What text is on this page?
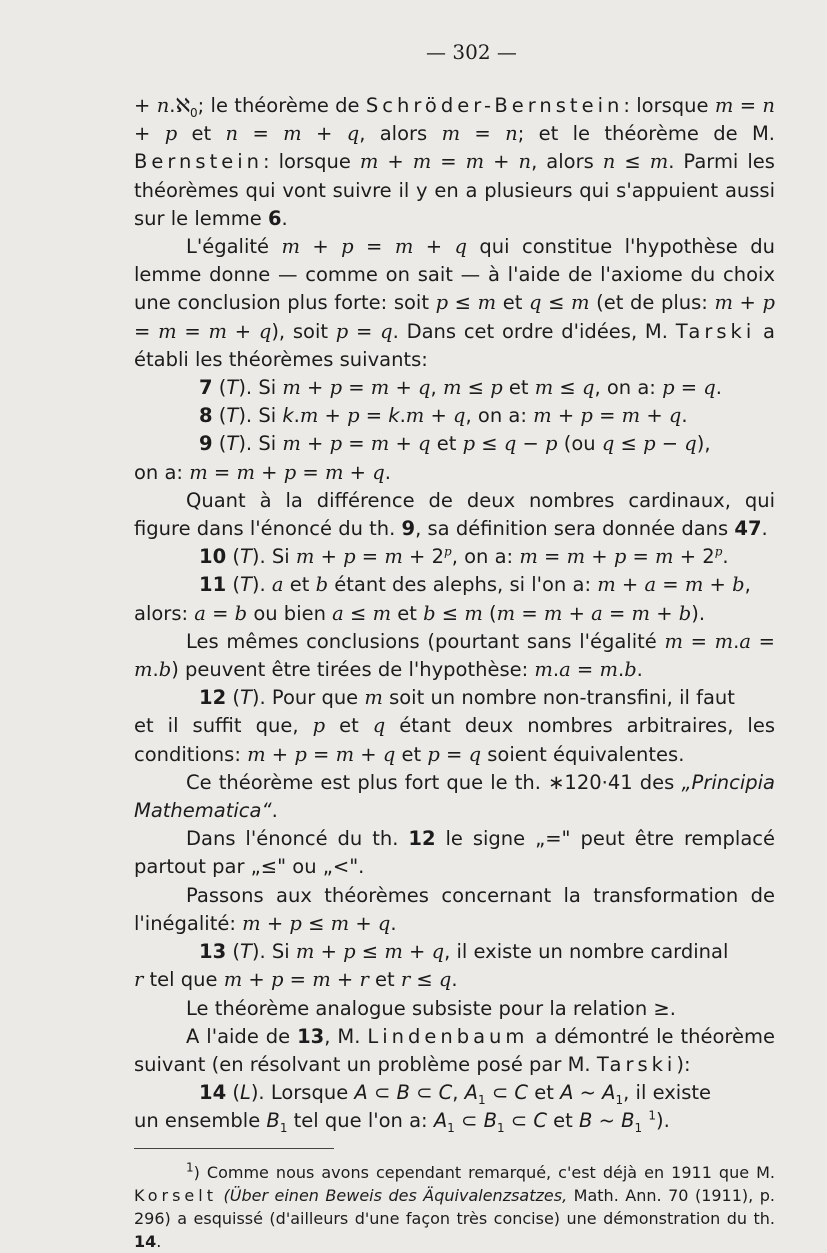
— 302 —

+ n.ℵ$_0$; le théorème de Schröder-Bernstein: lorsque m = n + p et n = m + q, alors m = n; et le théorème de M. Bernstein: lorsque m + m = m + n, alors n ≤ m. Parmi les théorèmes qui vont suivre il y en a plusieurs qui s'appuient aussi sur le lemme 6.

L'égalité m + p = m + q qui constitue l'hypothèse du lemme donne — comme on sait — à l'aide de l'axiome du choix une conclusion plus forte: soit p ≤ m et q ≤ m (et de plus: m + p = m = m + q), soit p = q. Dans cet ordre d'idées, M. Tarski a établi les théorèmes suivants:

7 (T). Si m + p = m + q, m ≤ p et m ≤ q, on a: p = q.

8 (T). Si k.m + p = k.m + q, on a: m + p = m + q.

9 (T). Si m + p = m + q et p ≤ q − p (ou q ≤ p − q),

on a: m = m + p = m + q.

Quant à la différence de deux nombres cardinaux, qui figure dans l'énoncé du th. 9, sa définition sera donnée dans 47.

10 (T). Si $m + p = m + 2^p$, on a: $m = m + p = m + 2^p$.

11 (T). a et b étant des alephs, si l'on a: m + a = m + b,

alors: a = b ou bien a ≤ m et b ≤ m (m = m + a = m + b).

Les mêmes conclusions (pourtant sans l'égalité m = m.a = m.b) peuvent être tirées de l'hypothèse: m.a = m.b.

12 (T). Pour que m soit un nombre non-transfini, il faut

et il suffit que, p et q étant deux nombres arbitraires, les conditions: m + p = m + q et p = q soient équivalentes.

Ce théorème est plus fort que le th. ∗120·41 des „Principia Mathematica“.

Dans l'énoncé du th. 12 le signe „=" peut être remplacé partout par „≤" ou „<".

Passons aux théorèmes concernant la transformation de l'inégalité: m + p ≤ m + q.

13 (T). Si m + p ≤ m + q, il existe un nombre cardinal

r tel que m + p = m + r et r ≤ q.

Le théorème analogue subsiste pour la relation ≥.

A l'aide de 13, M. Lindenbaum a démontré le théorème suivant (en résolvant un problème posé par M. Tarski):

14 (L). Lorsque A ⊂ B ⊂ C, $A_1$ ⊂ C et A ~ $A_1$, il existe

un ensemble $B_1$ tel que l'on a: $A_1$ ⊂ $B_1$ ⊂ C et B ~ $B_1$ $^1$).

$^1$) Comme nous avons cependant remarqué, c'est déjà en 1911 que M. Korselt (Über einen Beweis des Äquivalenzsatzes, Math. Ann. 70 (1911), p. 296) a esquissé (d'ailleurs d'une façon très concise) une démonstration du th. 14.
